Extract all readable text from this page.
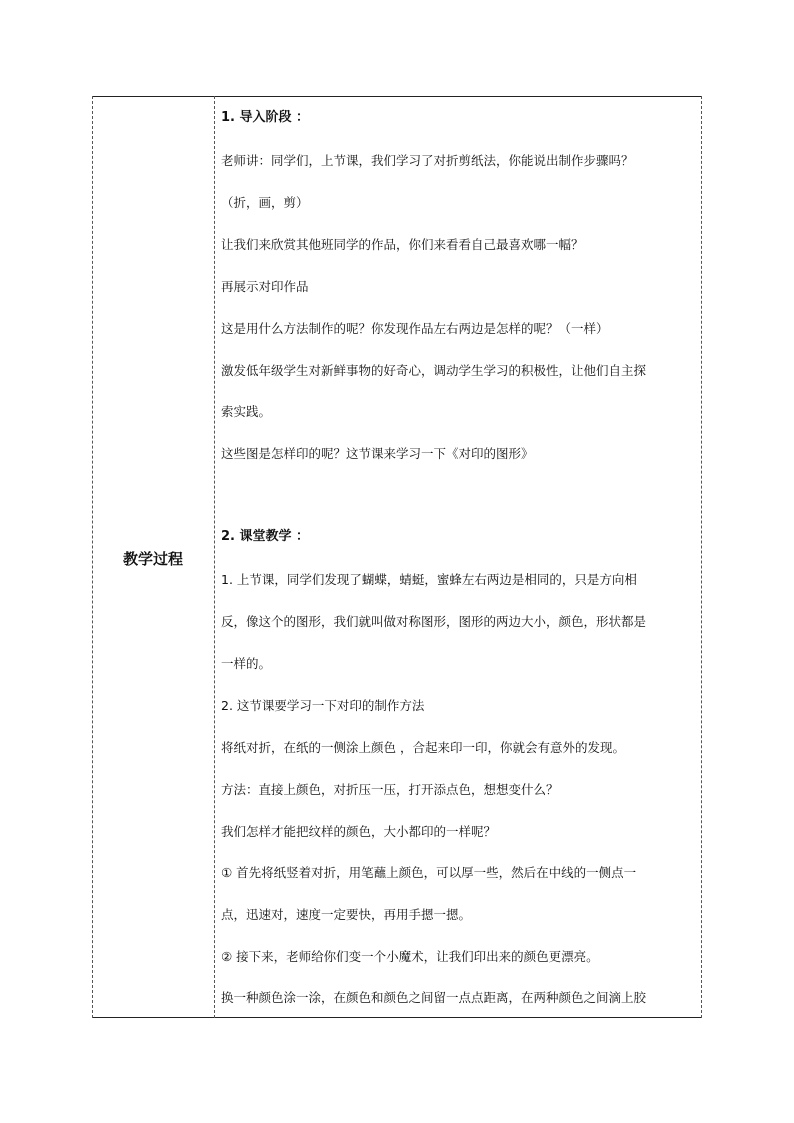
教学过程
1. 导入阶段 ：
老师讲：同学们，上节课，我们学习了对折剪纸法，你能说出制作步骤吗？
（折，画，剪）
让我们来欣赏其他班同学的作品，你们来看看自己最喜欢哪一幅？
再展示对印作品
这是用什么方法制作的呢？你发现作品左右两边是怎样的呢？（一样）
激发低年级学生对新鲜事物的好奇心，调动学生学习的积极性，让他们自主探
索实践。
这些图是怎样印的呢？这节课来学习一下《对印的图形》
2. 课堂教学 ：
1. 上节课，同学们发现了蝴蝶，蜻蜓，蜜蜂左右两边是相同的，只是方向相
反，像这个的图形，我们就叫做对称图形，图形的两边大小，颜色，形状都是
一样的。
2. 这节课要学习一下对印的制作方法
将纸对折，在纸的一侧涂上颜色 ，合起来印一印，你就会有意外的发现。
方法：直接上颜色，对折压一压，打开添点色，想想变什么？
我们怎样才能把纹样的颜色，大小都印的一样呢？
① 首先将纸竖着对折，用笔蘸上颜色，可以厚一些，然后在中线的一侧点一
点，迅速对，速度一定要快，再用手摁一摁。
② 接下来，老师给你们变一个小魔术，让我们印出来的颜色更漂亮。
换一种颜色涂一涂，在颜色和颜色之间留一点点距离，在两种颜色之间滴上胶
